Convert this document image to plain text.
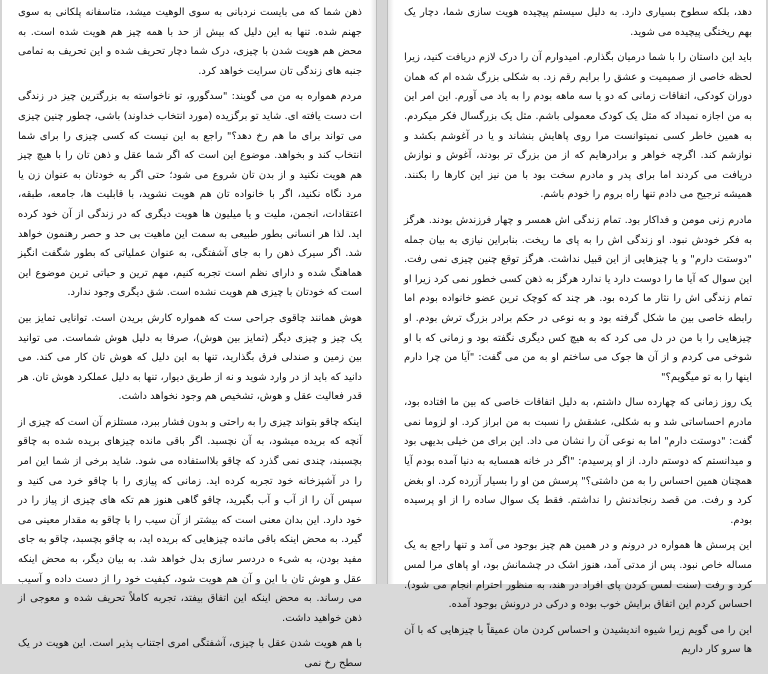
ذهن شما که می بایست نردبانی به سوی الوهیت میشد، متاسفانه پلکانی به سوی جهنم شده. تنها به این دلیل که بیش از حد با همه چیز هم هویت شده است. به محض هم هویت شدن با چیزی، درک شما دچار تحریف شده و این تحریف به تمامی جنبه های زندگی تان سرایت خواهد کرد.

مردم همواره به من می گویند: "سدگورو، تو ناخواسته به بزرگترین چیز در زندگی ات دست یافته ای. شاید تو برگزیده (مورد انتخاب خداوند) باشی، چطور چنین چیزی می تواند برای ما هم رخ دهد؟" راجع به این نیست که کسی چیزی را برای شما انتخاب کند و بخواهد. موضوع این است که اگر شما عقل و ذهن تان را با هیچ چیز هم هویت نکنید و از بدن تان شروع می شود؛ حتی اگر به خودتان به عنوان زن یا مرد نگاه نکنید، اگر با خانواده تان هم هویت نشوید، با قابلیت ها، جامعه، طبقه، اعتقادات، انجمن، ملیت و یا میلیون ها هویت دیگری که در زندگی از آن خود کرده اید. لذا هر انسانی بطور طبیعی به سمت این ماهیت بی حد و حصر رهنمون خواهد شد. اگر سیرک ذهن را به جای آشفتگی، به عنوان عملیاتی که بطور شگفت انگیز هماهنگ شده و دارای نظم است تجربه کنیم، مهم ترین و حیاتی ترین موضوع این است که خودتان با چیزی هم هویت نشده است. شق دیگری وجود ندارد.

هوش همانند چاقوی جراحی ست که همواره کارش بریدن است. توانایی تمایز بین یک چیز و چیزی دیگر (تمایز بین هوش)، صرفا به دلیل هوش شماست. می توانید بین زمین و صندلی فرق بگذارید، تنها به این دلیل که هوش تان کار می کند. می دانید که باید از در وارد شوید و نه از طریق دیوار، تنها به دلیل عملکرد هوش تان. هر قدر فعالیت عقل و هوش، تشخیص هم وجود نخواهد داشت.

اینکه چاقو بتواند چیزی را به راحتی و بدون فشار ببرد، مستلزم آن است که چیزی از آنچه که بریده میشود، به آن نچسبد. اگر باقی مانده چیزهای بریده شده به چاقو بچسبند، چندی نمی گذرد که چاقو بلااستفاده می شود. شاید برخی از شما این امر را در آشپزخانه خود تجربه کرده اید. زمانی که پیازی را با چاقو خرد می کنید و سپس آن را از آب و آب بگیرید، چاقو گاهی هنوز هم تکه های چیزی از پیاز را در خود دارد. این بدان معنی است که بیشتر از آن سیب را با چاقو به مقدار معینی می گیرد. به محض اینکه باقی مانده چیزهایی که بریده اید، به چاقو بچسبد، چاقو به جای مفید بودن، به شیء ه دردسر سازی بدل خواهد شد. به بیان دیگر، به محض اینکه عقل و هوش تان با این و آن هم هویت شود، کیفیت خود را از دست داده و آسیب می رساند. به محض اینکه این اتفاق بیفتد، تجربه کاملاً تحریف شده و معوجی از ذهن خواهید داشت.

با هم هویت شدن عقل با چیزی، آشفتگی امری اجتناب پذیر است. این هویت در یک سطح رخ نمی

دهد، بلکه سطوح بسیاری دارد. به دلیل سیستم پیچیده هویت سازی شما، دچار یک بهم ریختگی پیچیده می شوید.

باید این داستان را با شما درمیان بگذارم. امیدوارم آن را درک لازم دریافت کنید، زیرا لحظه خاصی از صمیمیت و عشق را برایم رقم زد. به شکلی بزرگ شده ام که همان دوران کودکی، اتفاقات زمانی که دو یا سه ماهه بودم را به یاد می آورم. این امر این به من اجازه نمیداد که مثل یک کودک معمولی باشم. مثل یک بزرگسال فکر میکردم. به همین خاطر کسی نمیتوانست مرا روی پاهایش بنشاند و یا در آغوشم بکشد و نوازشم کند. اگرچه خواهر و برادرهایم که از من بزرگ تر بودند، آغوش و نوازش دریافت می کردند اما برای پدر و مادرم سخت بود با من نیز این کارها را بکنند. همیشه ترجیح می دادم تنها راه بروم را خودم باشم.

مادرم زنی مومن و فداکار بود. تمام زندگی اش همسر و چهار فرزندش بودند. هرگز به فکر خودش نبود. او زندگی اش را به پای ما ریخت. بنابراین نیازی به بیان جمله "دوستت دارم" و یا چیزهایی از این قبیل نداشت. هرگز توقع چنین چیزی نمی رفت. این سوال که آیا ما را دوست دارد یا ندارد هرگز به ذهن کسی خطور نمی کرد زیرا او تمام زندگی اش را نثار ما کرده بود. هر چند که کوچک ترین عضو خانواده بودم اما رابطه خاصی بین ما شکل گرفته بود و به نوعی در حکم برادر بزرگ ترش بودم. او چیزهایی را با من در دل می کرد که به هیچ کس دیگری نگفته بود و زمانی که با او شوخی می کردم و از آن ها جوک می ساختم او به من می گفت: "آیا من چرا دارم اینها را به تو میگویم؟"

یک روز زمانی که چهارده سال داشتم، به دلیل اتفاقات خاصی که بین ما افتاده بود، مادرم احساساتی شد و به شکلی، عشقش را نسبت به من ابراز کرد. او لزوما نمی گفت: "دوستت دارم" اما به نوعی آن را نشان می داد. این برای من خیلی بدیهی بود و میدانستم که دوستم دارد. از او پرسیدم: "اگر در خانه همسایه به دنیا آمده بودم آیا همچنان همین احساس را به من داشتی؟" پرسش من او را بسیار آزرده کرد. او بغض کرد و رفت. من قصد رنجاندنش را نداشتم. فقط یک سوال ساده را از او پرسیده بودم.

این پرسش ها همواره در درونم و در همین هم چیز بوجود می آمد و تنها راجع به یک مساله خاص نبود. پس از مدتی آمد، هنوز اشک در چشمانش بود، او پاهای مرا لمس کرد و رفت (سنت لمس کردن پای افراد در هند، به منظور احترام انجام می شود). احساس کردم این اتفاق برایش خوب بوده و درکی در درونش بوجود آمده.

این را می گویم زیرا شیوه اندیشیدن و احساس کردن مان عمیقاً با چیزهایی که با آن ها سرو کار داریم
